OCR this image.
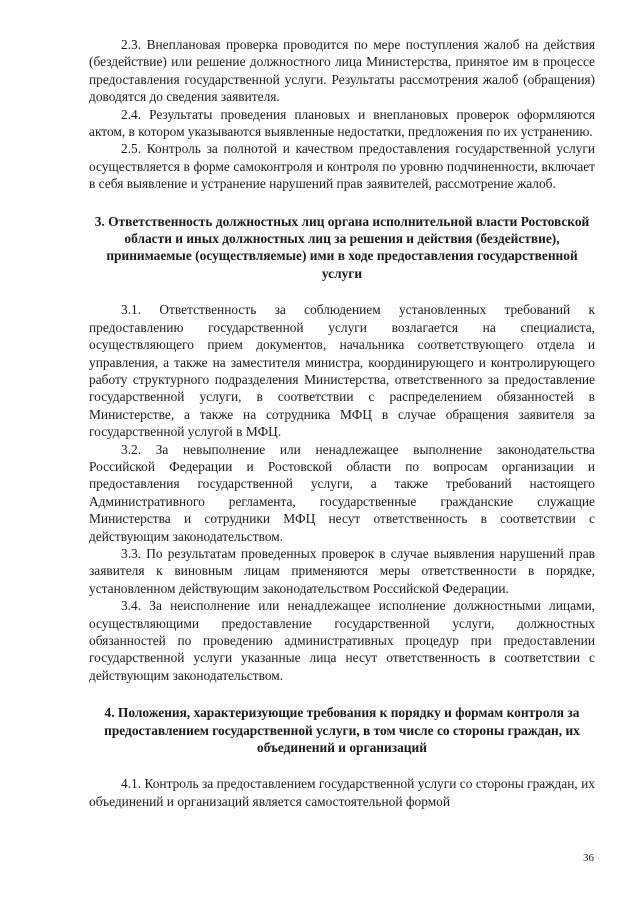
2.3. Внеплановая проверка проводится по мере поступления жалоб на действия (бездействие) или решение должностного лица Министерства, принятое им в процессе предоставления государственной услуги. Результаты рассмотрения жалоб (обращения) доводятся до сведения заявителя.

2.4. Результаты проведения плановых и внеплановых проверок оформляются актом, в котором указываются выявленные недостатки, предложения по их устранению.

2.5. Контроль за полнотой и качеством предоставления государственной услуги осуществляется в форме самоконтроля и контроля по уровню подчиненности, включает в себя выявление и устранение нарушений прав заявителей, рассмотрение жалоб.

3. Ответственность должностных лиц органа исполнительной власти Ростовской области и иных должностных лиц за решения и действия (бездействие), принимаемые (осуществляемые) ими в ходе предоставления государственной услуги

3.1. Ответственность за соблюдением установленных требований к предоставлению государственной услуги возлагается на специалиста, осуществляющего прием документов, начальника соответствующего отдела и управления, а также на заместителя министра, координирующего и контролирующего работу структурного подразделения Министерства, ответственного за предоставление государственной услуги, в соответствии с распределением обязанностей в Министерстве, а также на сотрудника МФЦ в случае обращения заявителя за государственной услугой в МФЦ.

3.2. За невыполнение или ненадлежащее выполнение законодательства Российской Федерации и Ростовской области по вопросам организации и предоставления государственной услуги, а также требований настоящего Административного регламента, государственные гражданские служащие Министерства и сотрудники МФЦ несут ответственность в соответствии с действующим законодательством.

3.3. По результатам проведенных проверок в случае выявления нарушений прав заявителя к виновным лицам применяются меры ответственности в порядке, установленном действующим законодательством Российской Федерации.

3.4. За неисполнение или ненадлежащее исполнение должностными лицами, осуществляющими предоставление государственной услуги, должностных обязанностей по проведению административных процедур при предоставлении государственной услуги указанные лица несут ответственность в соответствии с действующим законодательством.

4. Положения, характеризующие требования к порядку и формам контроля за предоставлением государственной услуги, в том числе со стороны граждан, их объединений и организаций

4.1. Контроль за предоставлением государственной услуги со стороны граждан, их объединений и организаций является самостоятельной формой

36
